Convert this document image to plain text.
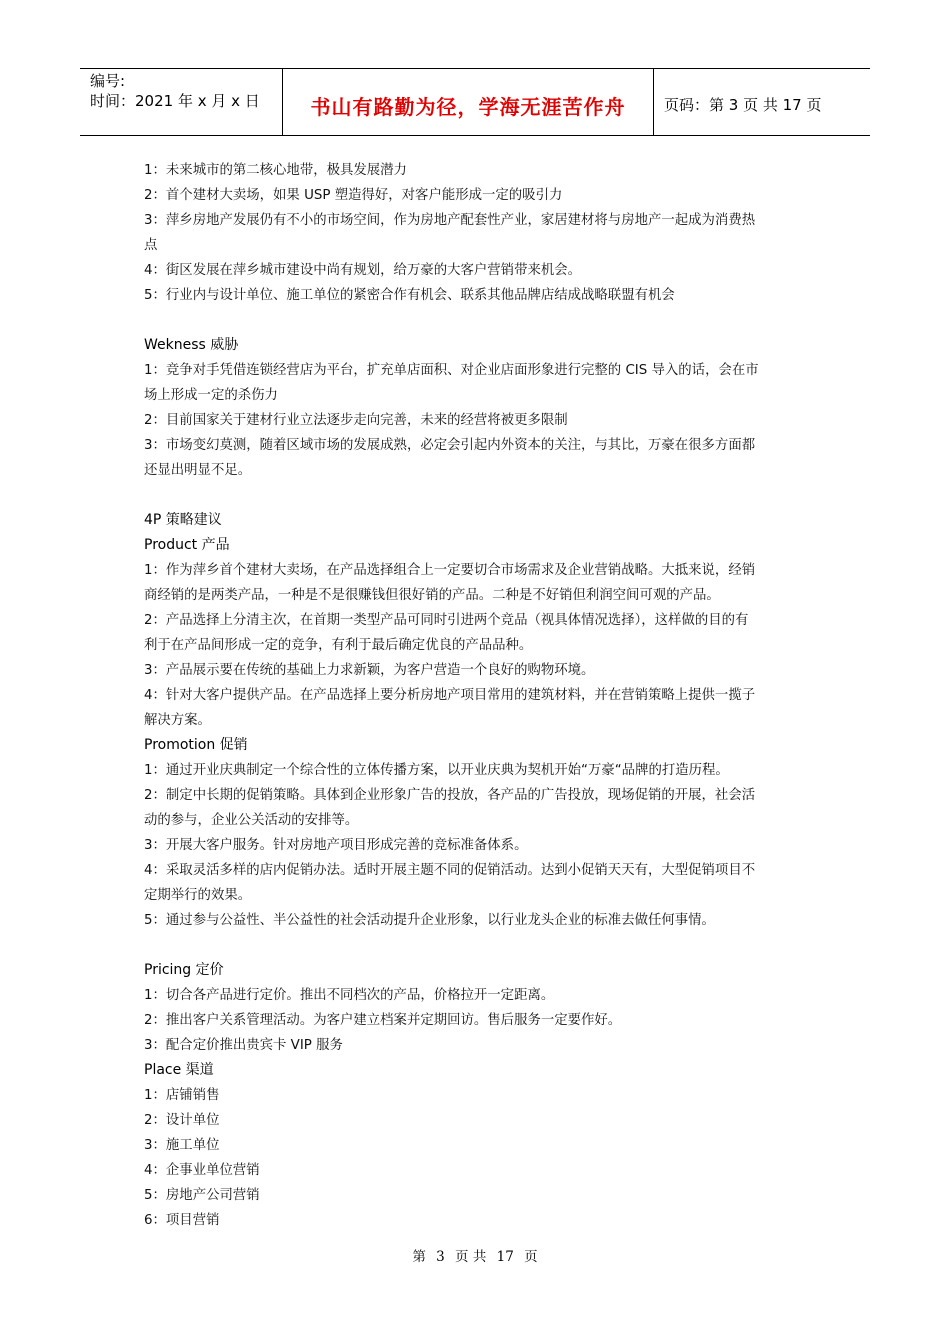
编号:
时间：2021 年 x 月 x 日	书山有路勤为径，学海无涯苦作舟	页码：第 3 页 共 17 页

1：未来城市的第二核心地带，极具发展潜力

2：首个建材大卖场，如果 USP 塑造得好，对客户能形成一定的吸引力

3：萍乡房地产发展仍有不小的市场空间，作为房地产配套性产业，家居建材将与房地产一起成为消费热

点

4：街区发展在萍乡城市建设中尚有规划，给万豪的大客户营销带来机会。

5：行业内与设计单位、施工单位的紧密合作有机会、联系其他品牌店结成战略联盟有机会

Wekness 威胁

1：竞争对手凭借连锁经营店为平台，扩充单店面积、对企业店面形象进行完整的 CIS 导入的话，会在市

场上形成一定的杀伤力

2：目前国家关于建材行业立法逐步走向完善，未来的经营将被更多限制

3：市场变幻莫测，随着区域市场的发展成熟，必定会引起内外资本的关注，与其比，万豪在很多方面都

还显出明显不足。

4P 策略建议

Product 产品

1：作为萍乡首个建材大卖场，在产品选择组合上一定要切合市场需求及企业营销战略。大抵来说，经销

商经销的是两类产品，一种是不是很赚钱但很好销的产品。二种是不好销但利润空间可观的产品。

2：产品选择上分清主次，在首期一类型产品可同时引进两个竞品（视具体情况选择），这样做的目的有

利于在产品间形成一定的竞争，有利于最后确定优良的产品品种。

3：产品展示要在传统的基础上力求新颖，为客户营造一个良好的购物环境。

4：针对大客户提供产品。在产品选择上要分析房地产项目常用的建筑材料，并在营销策略上提供一揽子

解决方案。

Promotion 促销

1：通过开业庆典制定一个综合性的立体传播方案，以开业庆典为契机开始“万豪“品牌的打造历程。

2：制定中长期的促销策略。具体到企业形象广告的投放，各产品的广告投放，现场促销的开展，社会活

动的参与，企业公关活动的安排等。

3：开展大客户服务。针对房地产项目形成完善的竞标准备体系。

4：采取灵活多样的店内促销办法。适时开展主题不同的促销活动。达到小促销天天有，大型促销项目不

定期举行的效果。

5：通过参与公益性、半公益性的社会活动提升企业形象，以行业龙头企业的标准去做任何事情。

Pricing 定价

1：切合各产品进行定价。推出不同档次的产品，价格拉开一定距离。

2：推出客户关系管理活动。为客户建立档案并定期回访。售后服务一定要作好。

3：配合定价推出贵宾卡 VIP 服务

Place 渠道

1：店铺销售

2：设计单位

3：施工单位

4：企事业单位营销

5：房地产公司营销

6：项目营销

第 3 页 共 17 页
